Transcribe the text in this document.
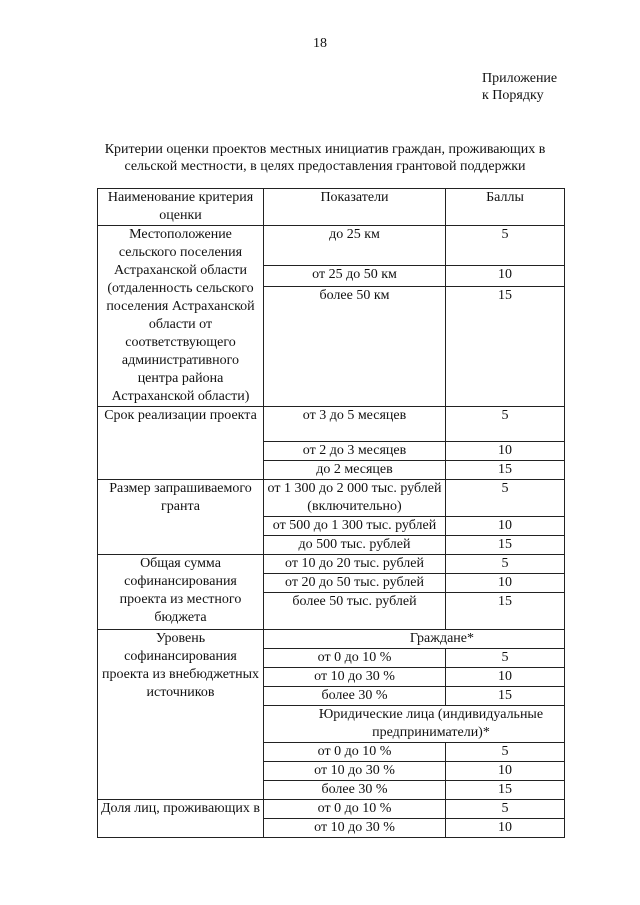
18
Приложение
к Порядку
Критерии оценки проектов местных инициатив граждан, проживающих в
сельской местности, в целях предоставления грантовой поддержки
Наименование критерия оценки	Показатели	Баллы
Местоположение сельского поселения Астраханской области (отдаленность сельского поселения Астраханской области от соответствующего административного центра района Астраханской области)	до 25 км	5
	от 25 до 50 км	10
	более 50 км	15
Срок реализации проекта	от 3 до 5 месяцев	5
	от 2 до 3 месяцев	10
	до 2 месяцев	15
Размер запрашиваемого гранта	от 1 300 до 2 000 тыс. рублей (включительно)	5
	от 500 до 1 300 тыс. рублей	10
	до 500 тыс. рублей	15
Общая сумма софинансирования проекта из местного бюджета	от 10 до 20 тыс. рублей	5
	от 20 до 50 тыс. рублей	10
	более 50 тыс. рублей	15
Уровень софинансирования проекта из внебюджетных источников	Граждане*	
	от 0 до 10 %	5
	от 10 до 30 %	10
	более 30 %	15
	Юридические лица (индивидуальные предприниматели)*	
	от 0 до 10 %	5
	от 10 до 30 %	10
	более 30 %	15
Доля лиц, проживающих в	от 0 до 10 %	5
	от 10 до 30 %	10
